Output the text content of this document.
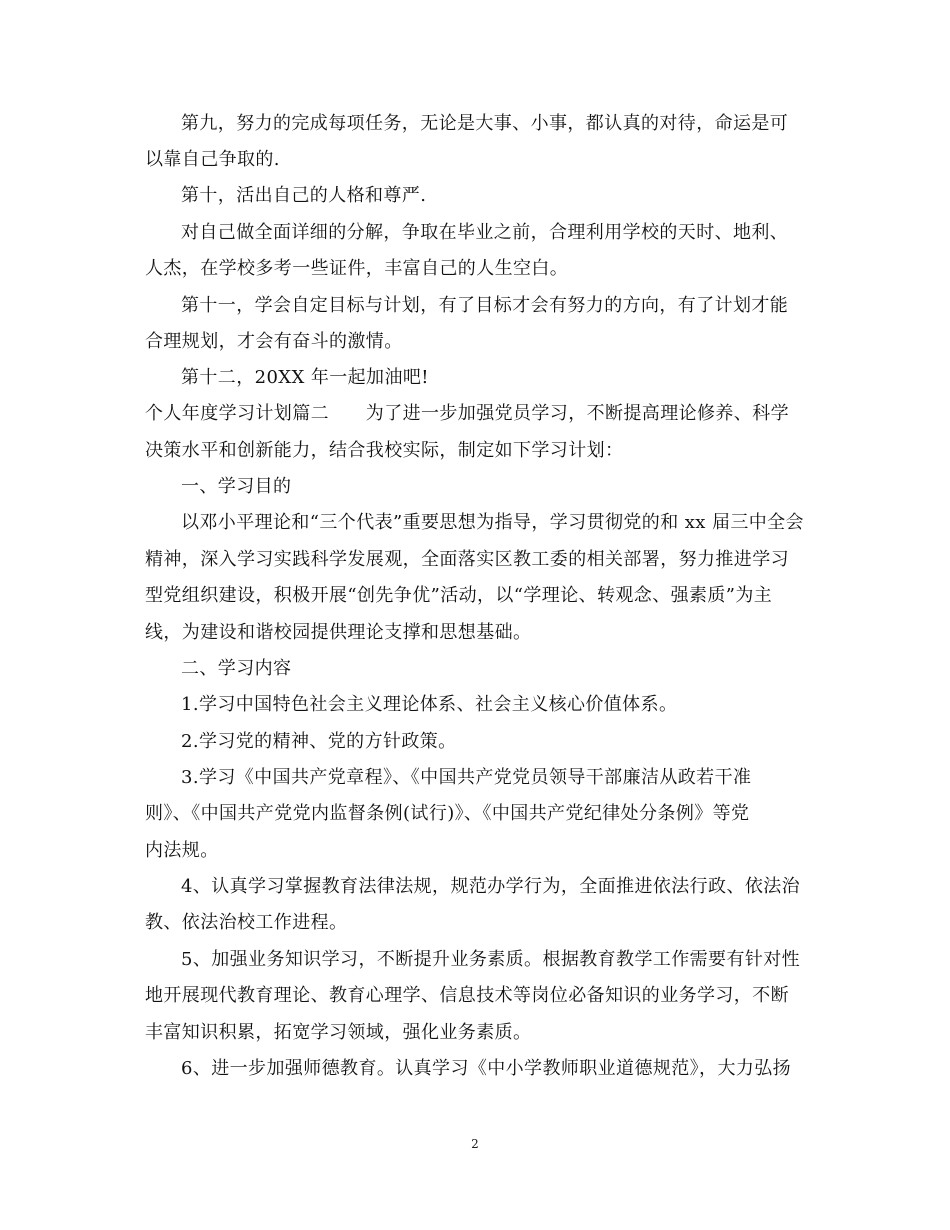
第九，努力的完成每项任务，无论是大事、小事，都认真的对待，命运是可
以靠自己争取的.
第十，活出自己的人格和尊严.
对自己做全面详细的分解，争取在毕业之前，合理利用学校的天时、地利、
人杰，在学校多考一些证件，丰富自己的人生空白。
第十一，学会自定目标与计划，有了目标才会有努力的方向，有了计划才能
合理规划，才会有奋斗的激情。
第十二，20XX 年一起加油吧!
个人年度学习计划篇二　　为了进一步加强党员学习，不断提高理论修养、科学
决策水平和创新能力，结合我校实际，制定如下学习计划：
一、学习目的
以邓小平理论和“三个代表”重要思想为指导，学习贯彻党的和 xx 届三中全会
精神，深入学习实践科学发展观，全面落实区教工委的相关部署，努力推进学习
型党组织建设，积极开展“创先争优”活动，以“学理论、转观念、强素质”为主
线，为建设和谐校园提供理论支撑和思想基础。
二、学习内容
1.学习中国特色社会主义理论体系、社会主义核心价值体系。
2.学习党的精神、党的方针政策。
3.学习《中国共产党章程》、《中国共产党党员领导干部廉洁从政若干准
则》、《中国共产党党内监督条例(试行)》、《中国共产党纪律处分条例》等党
内法规。
4、认真学习掌握教育法律法规，规范办学行为，全面推进依法行政、依法治
教、依法治校工作进程。
5、加强业务知识学习，不断提升业务素质。根据教育教学工作需要有针对性
地开展现代教育理论、教育心理学、信息技术等岗位必备知识的业务学习，不断
丰富知识积累，拓宽学习领域，强化业务素质。
6、进一步加强师德教育。认真学习《中小学教师职业道德规范》，大力弘扬
2
